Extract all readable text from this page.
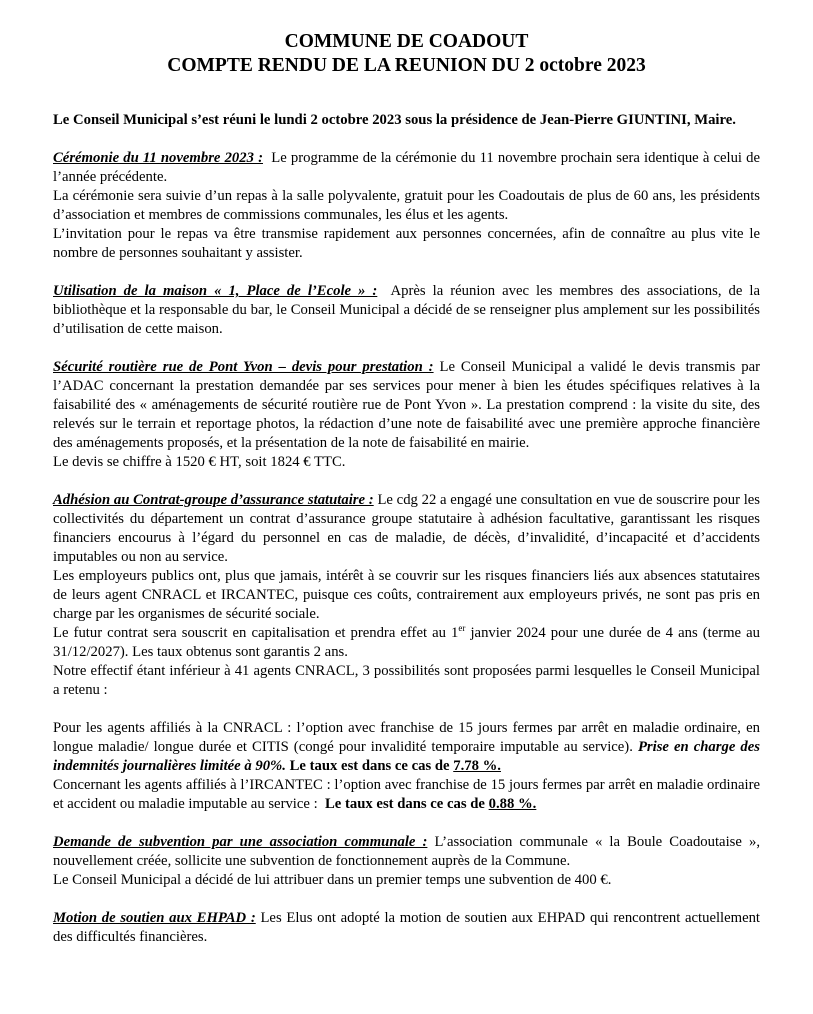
COMMUNE DE COADOUT
COMPTE RENDU DE LA REUNION DU 2 octobre 2023

Le Conseil Municipal s’est réuni le lundi 2 octobre 2023 sous la présidence de Jean-Pierre GIUNTINI, Maire.

Cérémonie du 11 novembre 2023 : Le programme de la cérémonie du 11 novembre prochain sera identique à celui de l’année précédente.

La cérémonie sera suivie d’un repas à la salle polyvalente, gratuit pour les Coadoutais de plus de 60 ans, les présidents d’association et membres de commissions communales, les élus et les agents.

L’invitation pour le repas va être transmise rapidement aux personnes concernées, afin de connaître au plus vite le nombre de personnes souhaitant y assister.

Utilisation de la maison « 1, Place de l’Ecole » : Après la réunion avec les membres des associations, de la bibliothèque et la responsable du bar, le Conseil Municipal a décidé de se renseigner plus amplement sur les possibilités d’utilisation de cette maison.

Sécurité routière rue de Pont Yvon – devis pour prestation : Le Conseil Municipal a validé le devis transmis par l’ADAC concernant la prestation demandée par ses services pour mener à bien les études spécifiques relatives à la faisabilité des « aménagements de sécurité routière rue de Pont Yvon ». La prestation comprend : la visite du site, des relevés sur le terrain et reportage photos, la rédaction d’une note de faisabilité avec une première approche financière des aménagements proposés, et la présentation de la note de faisabilité en mairie.

Le devis se chiffre à 1520 € HT, soit 1824 € TTC.

Adhésion au Contrat-groupe d’assurance statutaire : Le cdg 22 a engagé une consultation en vue de souscrire pour les collectivités du département un contrat d’assurance groupe statutaire à adhésion facultative, garantissant les risques financiers encourus à l’égard du personnel en cas de maladie, de décès, d’invalidité, d’incapacité et d’accidents imputables ou non au service.

Les employeurs publics ont, plus que jamais, intérêt à se couvrir sur les risques financiers liés aux absences statutaires de leurs agent CNRACL et IRCANTEC, puisque ces coûts, contrairement aux employeurs privés, ne sont pas pris en charge par les organismes de sécurité sociale.

Le futur contrat sera souscrit en capitalisation et prendra effet au 1er janvier 2024 pour une durée de 4 ans (terme au 31/12/2027). Les taux obtenus sont garantis 2 ans.

Notre effectif étant inférieur à 41 agents CNRACL, 3 possibilités sont proposées parmi lesquelles le Conseil Municipal a retenu :

Pour les agents affiliés à la CNRACL : l’option avec franchise de 15 jours fermes par arrêt en maladie ordinaire, en longue maladie/ longue durée et CITIS (congé pour invalidité temporaire imputable au service). Prise en charge des indemnités journalières limitée à 90%. Le taux est dans ce cas de 7.78 %.

Concernant les agents affiliés à l’IRCANTEC : l’option avec franchise de 15 jours fermes par arrêt en maladie ordinaire et accident ou maladie imputable au service : Le taux est dans ce cas de 0.88 %.

Demande de subvention par une association communale : L’association communale « la Boule Coadoutaise », nouvellement créée, sollicite une subvention de fonctionnement auprès de la Commune.

Le Conseil Municipal a décidé de lui attribuer dans un premier temps une subvention de 400 €.

Motion de soutien aux EHPAD : Les Elus ont adopté la motion de soutien aux EHPAD qui rencontrent actuellement des difficultés financières.
